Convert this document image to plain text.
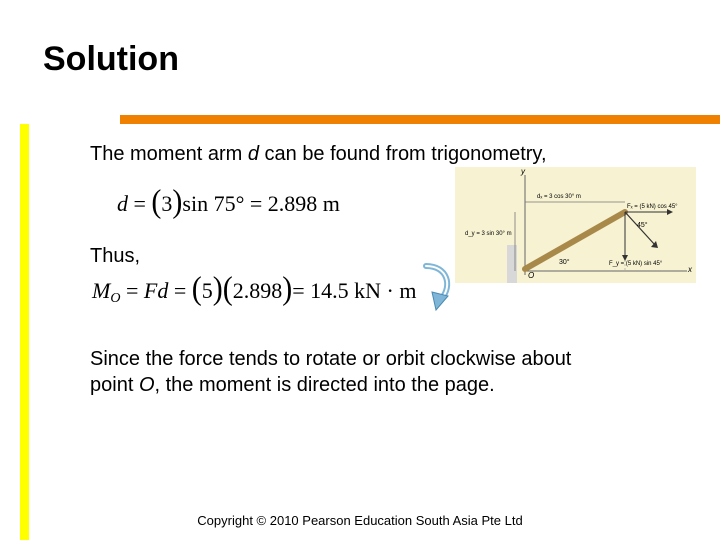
Solution
The moment arm d can be found from trigonometry,
d = (3)sin 75° = 2.898 m
Thus,
$M_O = Fd = (5)(2.898)= 14.5$ kN · m
y
x
O
30°
45°
dₓ = 3 cos 30° m
d_y = 3 sin 30° m
Fₓ = (5 kN) cos 45°
F_y = (5 kN) sin 45°
Since the force tends to rotate or orbit clockwise about
point O, the moment is directed into the page.
Copyright © 2010 Pearson Education South Asia Pte Ltd
